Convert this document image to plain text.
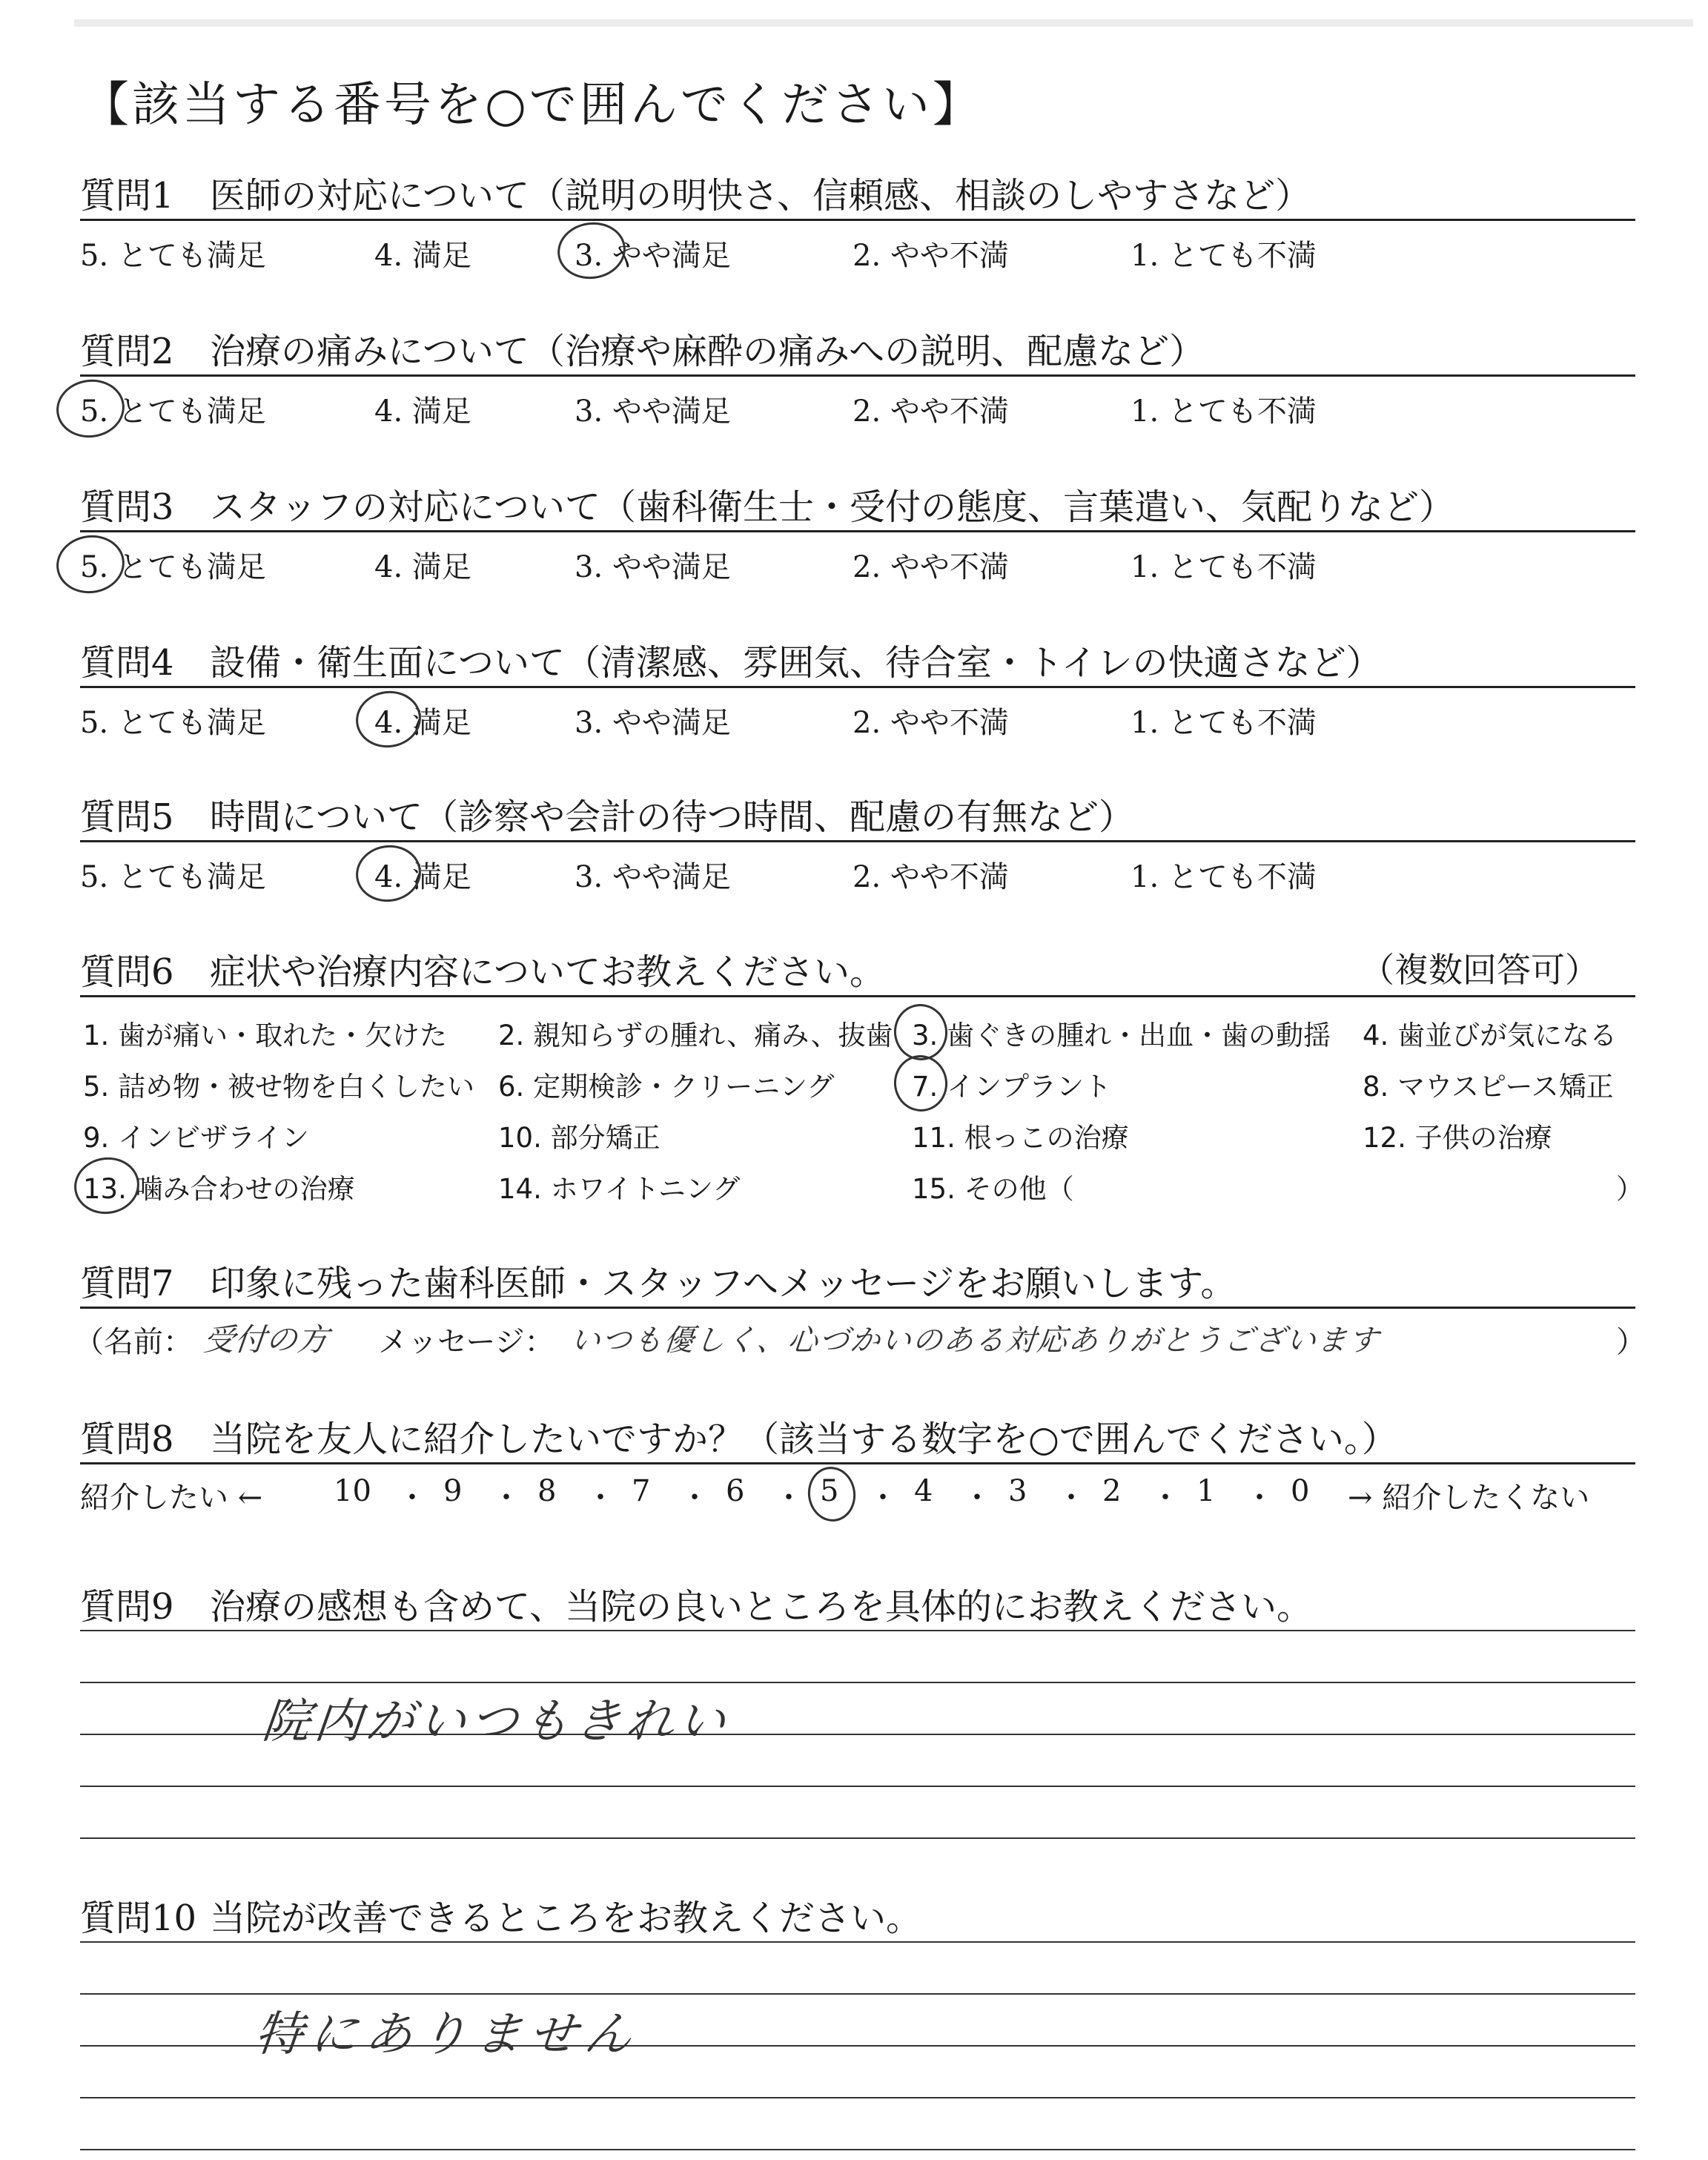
【該当する番号を○で囲んでください】
質問1 医師の対応について（説明の明快さ、信頼感、相談のしやすさなど）
5. とても満足	4. 満足	3. やや満足	2. やや不満	1. とても不満
質問2 治療の痛みについて（治療や麻酔の痛みへの説明、配慮など）
5. とても満足	4. 満足	3. やや満足	2. やや不満	1. とても不満
質問3 スタッフの対応について（歯科衛生士・受付の態度、言葉遣い、気配りなど）
5. とても満足	4. 満足	3. やや満足	2. やや不満	1. とても不満
質問4 設備・衛生面について（清潔感、雰囲気、待合室・トイレの快適さなど）
5. とても満足	4. 満足	3. やや満足	2. やや不満	1. とても不満
質問5 時間について（診察や会計の待つ時間、配慮の有無など）
5. とても満足	4. 満足	3. やや満足	2. やや不満	1. とても不満
質問6 症状や治療内容についてお教えください。	（複数回答可）
1. 歯が痛い・取れた・欠けた 2. 親知らずの腫れ、痛み、抜歯 3. 歯ぐきの腫れ・出血・歯の動揺 4. 歯並びが気になる
5. 詰め物・被せ物を白くしたい 6. 定期検診・クリーニング	7. インプラント	8. マウスピース矯正
9. インビザライン	10. 部分矯正	11. 根っこの治療	12. 子供の治療
13. 噛み合わせの治療	14. ホワイトニング	15. その他（	）
質問7 印象に残った歯科医師・スタッフへメッセージをお願いします。
（名前： 受付の方 メッセージ： いつも優しく、心づかいのある対応ありがとうございます	）
質問8 当院を友人に紹介したいですか？（該当する数字を○で囲んでください。）
紹介したい ← 10 ・ 9 ・ 8 ・ 7 ・ 6 ・ 5 ・ 4 ・ 3 ・ 2 ・ 1 ・ 0 → 紹介したくない
質問9 治療の感想も含めて、当院の良いところを具体的にお教えください。
院内がいつもきれい
質問10 当院が改善できるところをお教えください。
特にありません
